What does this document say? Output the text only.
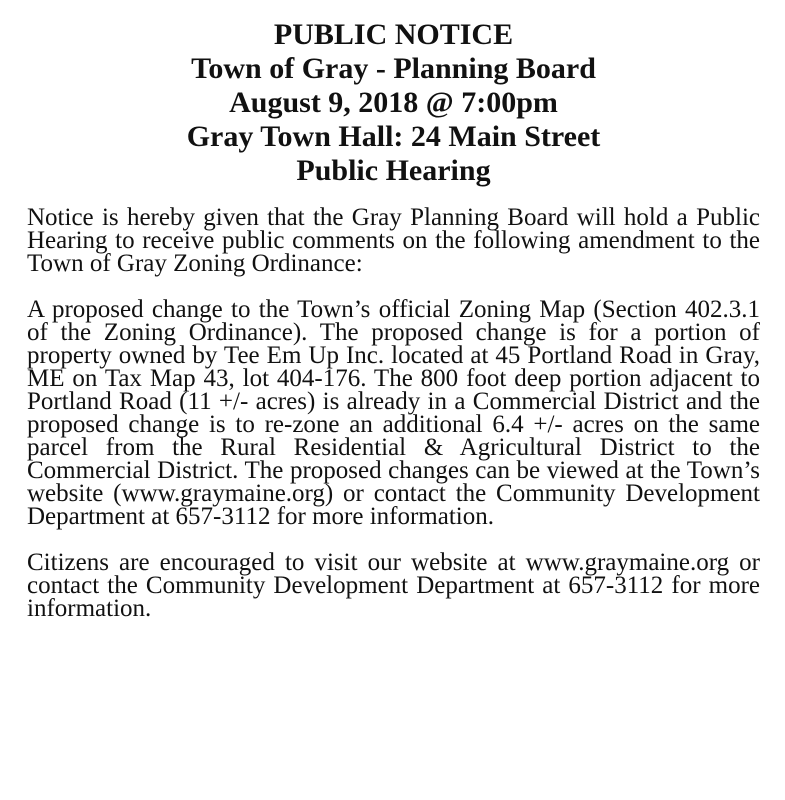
PUBLIC NOTICE
Town of Gray - Planning Board
August 9, 2018 @ 7:00pm
Gray Town Hall: 24 Main Street
Public Hearing

Notice is hereby given that the Gray Planning Board will hold a Public Hearing to receive public comments on the following amendment to the Town of Gray Zoning Ordinance:

A proposed change to the Town’s official Zoning Map (Section 402.3.1 of the Zoning Ordinance). The proposed change is for a portion of property owned by Tee Em Up Inc. located at 45 Portland Road in Gray, ME on Tax Map 43, lot 404-176. The 800 foot deep portion adjacent to Portland Road (11 +/- acres) is already in a Commercial District and the proposed change is to re-zone an additional 6.4 +/- acres on the same parcel from the Rural Residential & Agricultural District to the Commercial District. The proposed changes can be viewed at the Town’s website (www.graymaine.org) or contact the Community Development Department at 657-3112 for more information.

Citizens are encouraged to visit our website at www.graymaine.org or contact the Community Development Department at 657-3112 for more information.
